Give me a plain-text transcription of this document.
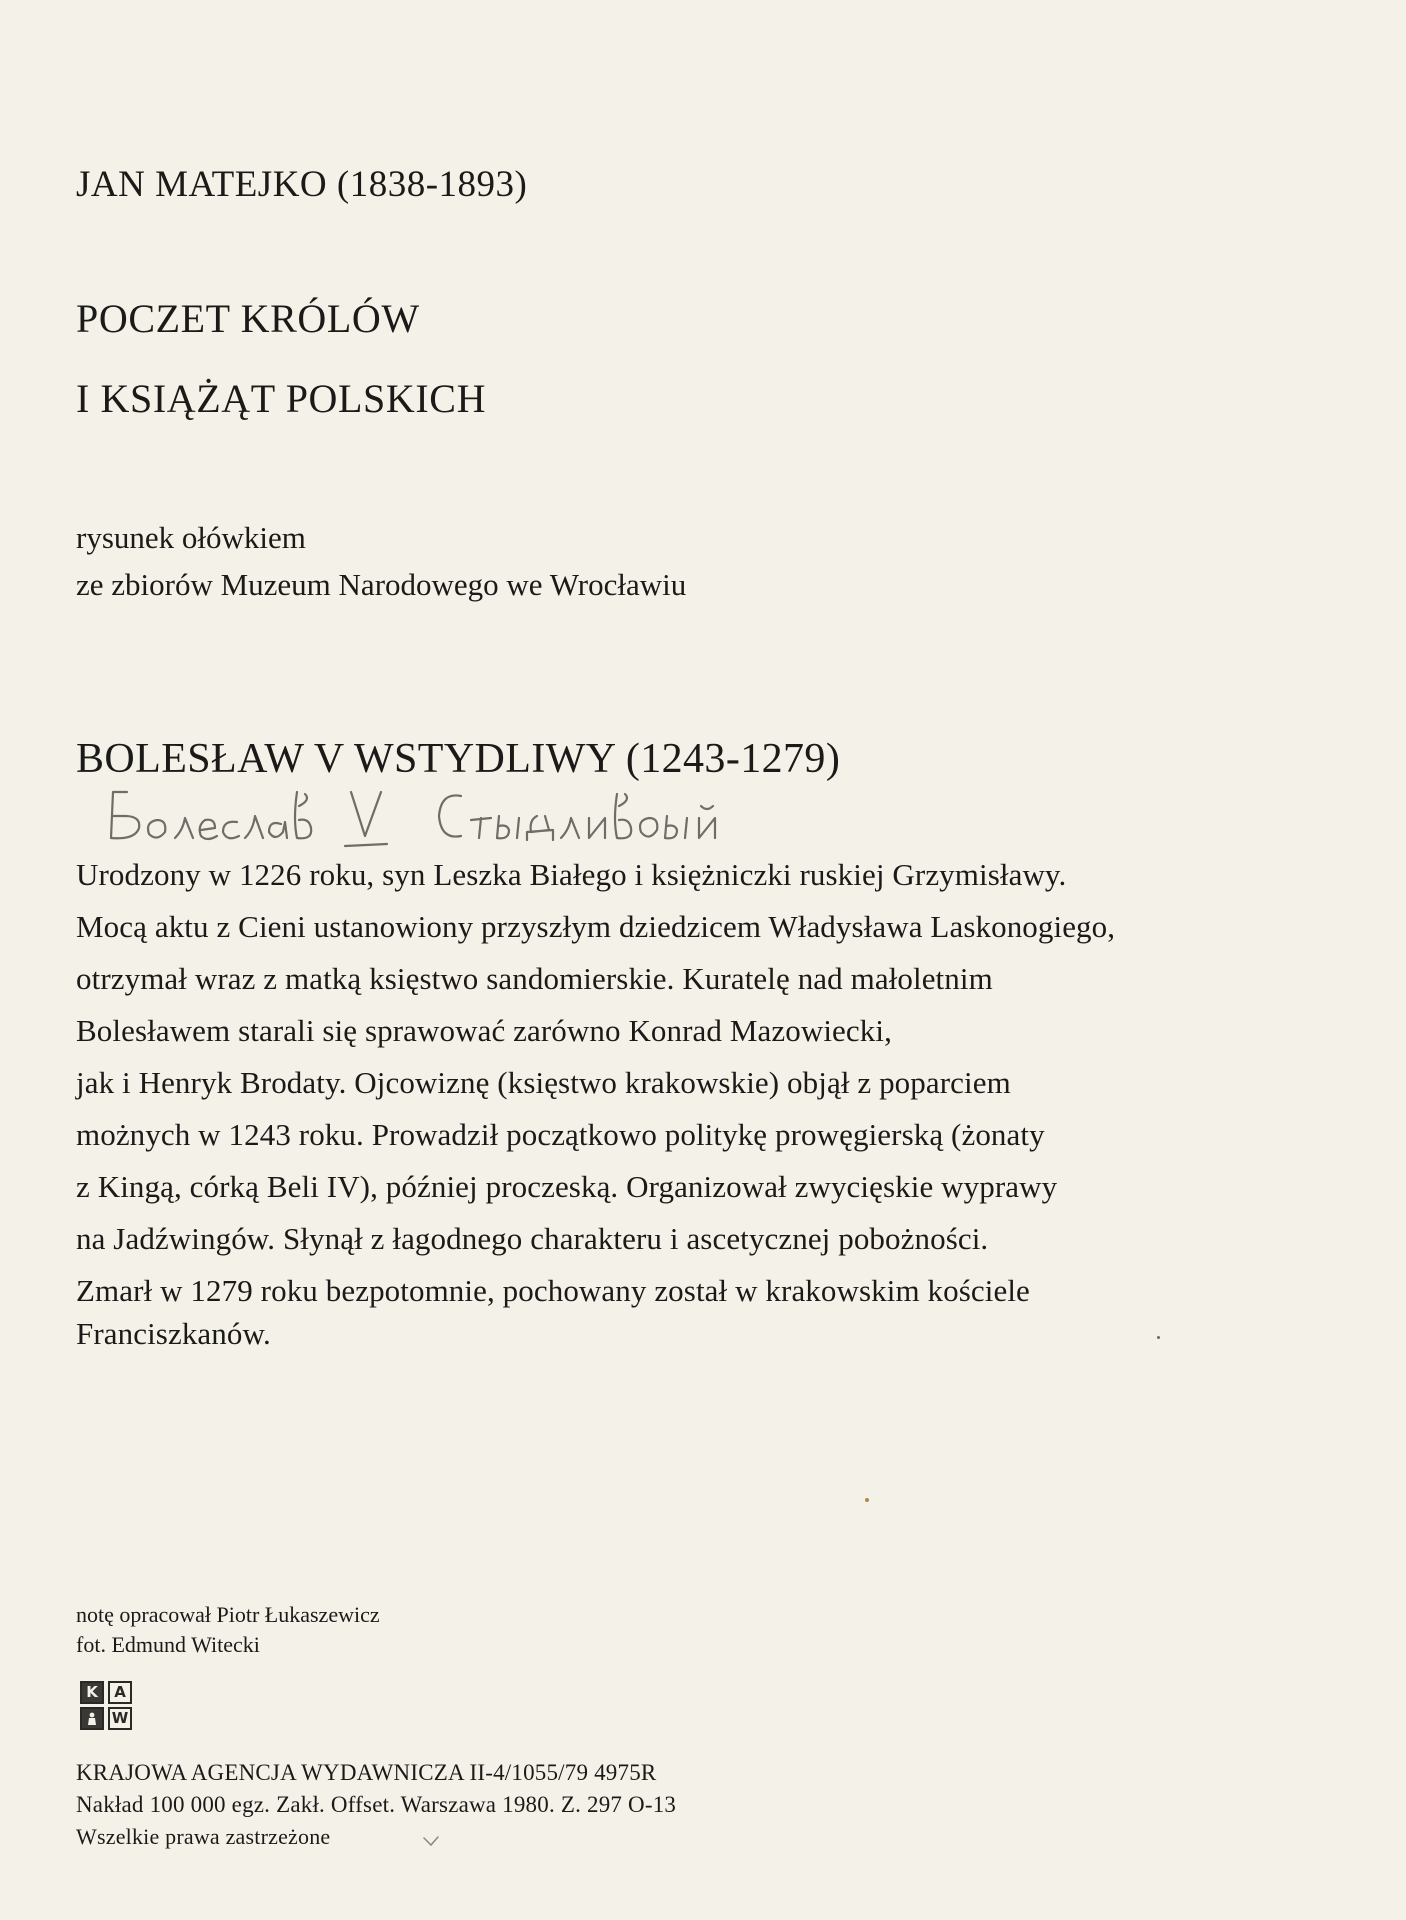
JAN MATEJKO (1838-1893)
POCZET KRÓLÓW
I KSIĄŻĄT POLSKICH
rysunek ołówkiem
ze zbiorów Muzeum Narodowego we Wrocławiu
BOLESŁAW V WSTYDLIWY (1243-1279)
Urodzony w 1226 roku, syn Leszka Białego i księżniczki ruskiej Grzymisławy.
Mocą aktu z Cieni ustanowiony przyszłym dziedzicem Władysława Laskonogiego,
otrzymał wraz z matką księstwo sandomierskie. Kuratelę nad małoletnim
Bolesławem starali się sprawować zarówno Konrad Mazowiecki,
jak i Henryk Brodaty. Ojcowiznę (księstwo krakowskie) objął z poparciem
możnych w 1243 roku. Prowadził początkowo politykę prowęgierską (żonaty
z Kingą, córką Beli IV), później proczeską. Organizował zwycięskie wyprawy
na Jadźwingów. Słynął z łagodnego charakteru i ascetycznej pobożności.
Zmarł w 1279 roku bezpotomnie, pochowany został w krakowskim kościele
Franciszkanów.
notę opracował Piotr Łukaszewicz
fot. Edmund Witecki
K	A
W
KRAJOWA AGENCJA WYDAWNICZA II-4/1055/79 4975R
Nakład 100 000 egz. Zakł. Offset. Warszawa 1980. Z. 297 O-13
Wszelkie prawa zastrzeżone
